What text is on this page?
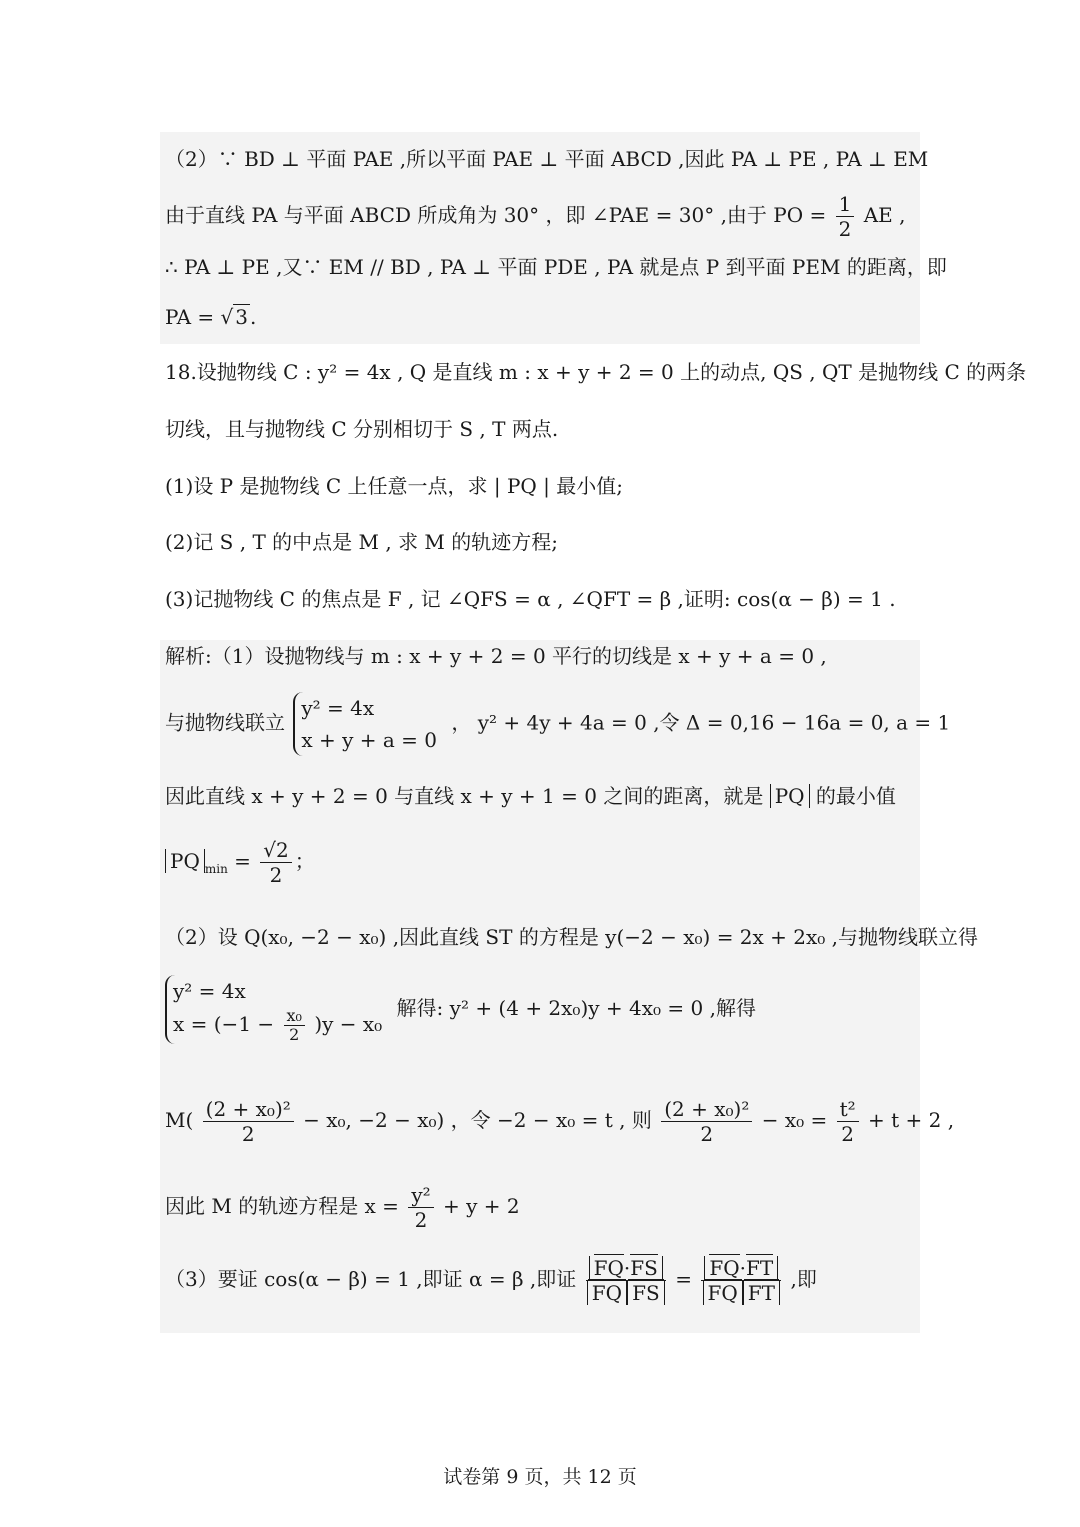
（2）∵ BD ⊥ 平面 PAE ,所以平面 PAE ⊥ 平面 ABCD ,因此 PA ⊥ PE , PA ⊥ EM
由于直线 PA 与平面 ABCD 所成角为 30° ，即 ∠PAE = 30° ,由于 PO = $\frac{1}{2}$ AE ,
∴ PA ⊥ PE ,又∵ EM // BD , PA ⊥ 平面 PDE , PA 就是点 P 到平面 PEM 的距离，即
PA = √ 3 .
18.设抛物线 C : y² = 4x , Q 是直线 m : x + y + 2 = 0 上的动点, QS , QT 是抛物线 C 的两条
切线，且与抛物线 C 分别相切于 S , T 两点.
(1)设 P 是抛物线 C 上任意一点，求 | PQ | 最小值;
(2)记 S , T 的中点是 M , 求 M 的轨迹方程;
(3)记抛物线 C 的焦点是 F , 记 ∠QFS = α , ∠QFT = β ,证明: cos(α − β) = 1 .
解析:（1）设抛物线与 m : x + y + 2 = 0 平行的切线是 x + y + a = 0 ,
与抛物线联立
y² = 4x
x + y + a = 0
， y² + 4y + 4a = 0 ,令 Δ = 0,16 − 16a = 0, a = 1
因此直线 x + y + 2 = 0 与直线 x + y + 1 = 0 之间的距离，就是 PQ 的最小值
PQ $_{min} = \frac{√2}{2}$ ；
（2）设 Q(x₀, −2 − x₀) ,因此直线 ST 的方程是 y(−2 − x₀) = 2x + 2x₀ ,与抛物线联立得
y² = 4x
$x = (-1 - \frac{\text{x₀}}{2} )y - x_0$
解得: y² + (4 + 2x₀)y + 4x₀ = 0 ,解得
$M( \frac{\text{(2 + x₀)²}}{2} - x_0$, −2 − x₀) ，令 −2 − x₀ = t , 则 $\frac{\text{(2 + x₀)²}}{2} - x_0 = \frac{\text{t²}}{2} + t + 2$ ,
因此 M 的轨迹方程是 $x = \frac{\text{y²}}{2} + y + 2$
（3）要证 cos(α − β) = 1 ,即证 α = β ,即证 $\frac{FQ\cdot FS}{\text{FQ FS}} = \frac{FQ\cdot FT}{\text{FQ FT}}$ ,即
试卷第 9 页，共 12 页
